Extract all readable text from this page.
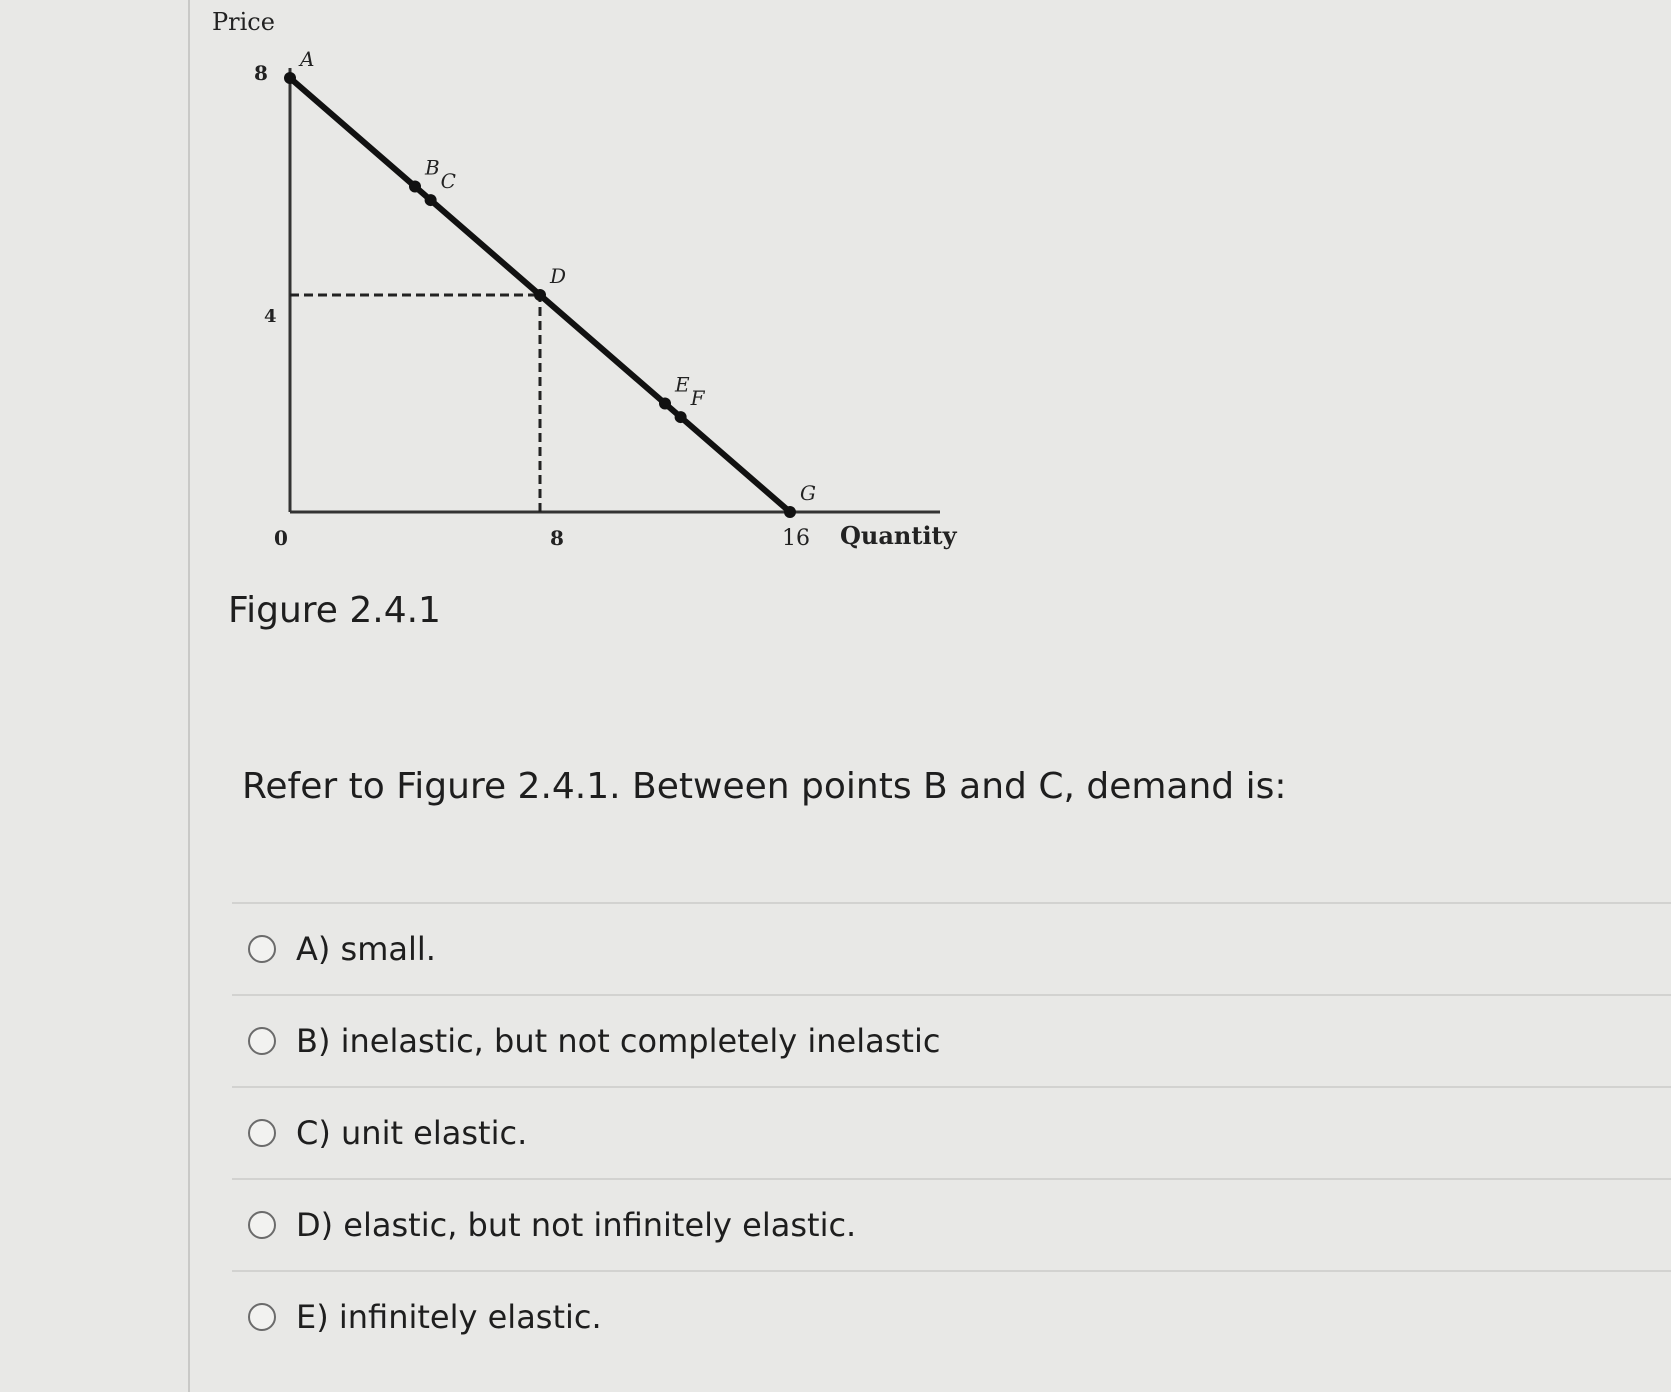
Price
Quantity
0	8	16
8
4
A
B
C
D
E
F
G
Figure 2.4.1
Refer to Figure 2.4.1. Between points B and C, demand is:
A) small.
B) inelastic, but not completely inelastic
C) unit elastic.
D) elastic, but not infinitely elastic.
E) infinitely elastic.
